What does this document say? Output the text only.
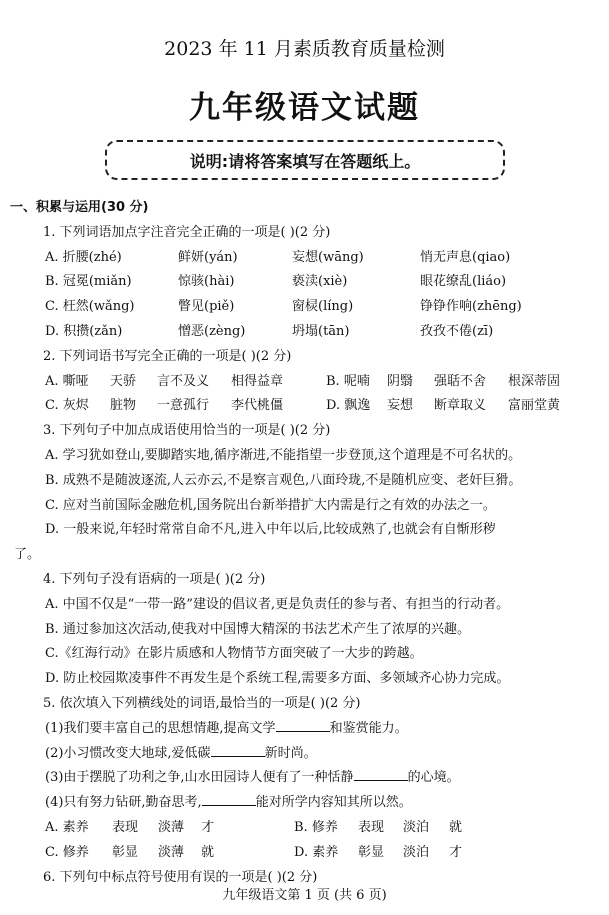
2023 年 11 月素质教育质量检测
九年级语文试题
说明:请将答案填写在答题纸上。
一、积累与运用(30 分)
1. 下列词语加点字注音完全正确的一项是( )(2 分)
A. 折腰(zhé)	鲜妍(yán)	妄想(wāng)	悄无声息(qiao)
B. 冠冕(miǎn)	惊骇(hài)	亵渎(xiè)	眼花缭乱(liáo)
C. 枉然(wǎng)	瞥见(piě)	窗棂(líng)	铮铮作响(zhēng)
D. 积攒(zǎn)	憎恶(zèng)	坍塌(tān)	孜孜不倦(zī)
2. 下列词语书写完全正确的一项是( )(2 分)
A. 嘶哑 天骄 言不及义 相得益章	B. 呢喃 阴翳 强聒不舍 根深蒂固
C. 灰烬 脏物 一意孤行 李代桃僵	D. 飘逸 妄想 断章取义 富丽堂黄
3. 下列句子中加点成语使用恰当的一项是( )(2 分)
A. 学习犹如登山,要脚踏实地,循序渐进,不能指望一步登顶,这个道理是不可名状的。
B. 成熟不是随波逐流,人云亦云,不是察言观色,八面玲珑,不是随机应变、老奸巨猾。
C. 应对当前国际金融危机,国务院出台新举措扩大内需是行之有效的办法之一。
D. 一般来说,年轻时常常自命不凡,进入中年以后,比较成熟了,也就会有自惭形秽
了。
4. 下列句子没有语病的一项是( )(2 分)
A. 中国不仅是“一带一路”建设的倡议者,更是负责任的参与者、有担当的行动者。
B. 通过参加这次活动,使我对中国博大精深的书法艺术产生了浓厚的兴趣。
C.《红海行动》在影片质感和人物情节方面突破了一大步的跨越。
D. 防止校园欺凌事件不再发生是个系统工程,需要多方面、多领域齐心协力完成。
5. 依次填入下列横线处的词语,最恰当的一项是( )(2 分)
(1)我们要丰富自己的思想情趣,提高文学	和鉴赏能力。
(2)小习惯改变大地球,爱低碳	新时尚。
(3)由于摆脱了功利之争,山水田园诗人便有了一种恬静	的心境。
(4)只有努力钻研,勤奋思考,	能对所学内容知其所以然。
A. 素养 表现 淡薄 才	B. 修养 表现 淡泊 就
C. 修养 彰显 淡薄 就	D. 素养 彰显 淡泊 才
6. 下列句中标点符号使用有误的一项是( )(2 分)
九年级语文第 1 页 (共 6 页)
